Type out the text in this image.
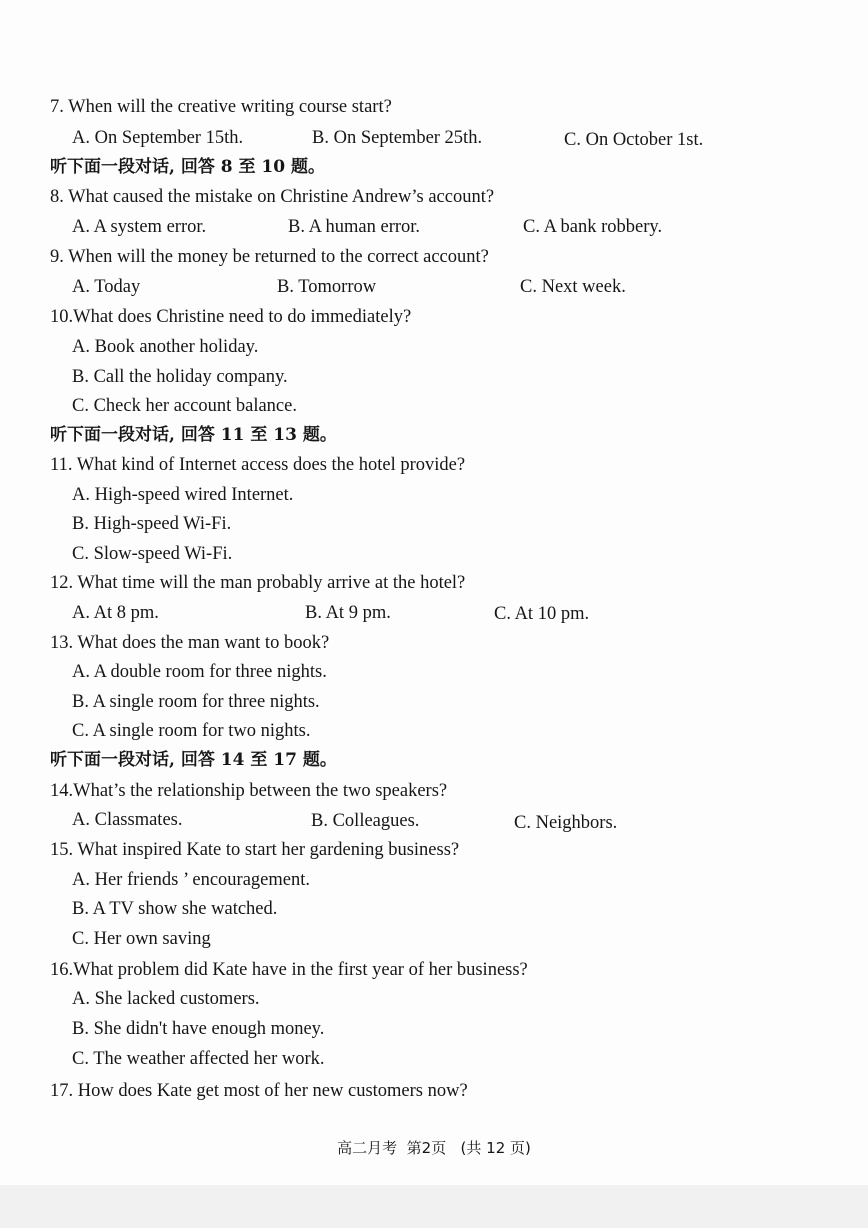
7. When will the creative writing course start?
A. On September 15th.	B. On September 25th.	C. On October 1st.
听下面一段对话, 回答 8 至 10 题。
8. What caused the mistake on Christine Andrew’s account?
A. A system error.	B. A human error.	C. A bank robbery.
9. When will the money be returned to the correct account?
A. Today	B. Tomorrow	C. Next week.
10.What does Christine need to do immediately?
A. Book another holiday.
B. Call the holiday company.
C. Check her account balance.
听下面一段对话, 回答 11 至 13 题。
11. What kind of Internet access does the hotel provide?
A. High-speed wired Internet.
B. High-speed Wi-Fi.
C. Slow-speed Wi-Fi.
12. What time will the man probably arrive at the hotel?
A. At 8 pm.	B. At 9 pm.	C. At 10 pm.
13. What does the man want to book?
A. A double room for three nights.
B. A single room for three nights.
C. A single room for two nights.
听下面一段对话, 回答 14 至 17 题。
14.What’s the relationship between the two speakers?
A. Classmates.	B. Colleagues.	C. Neighbors.
15. What inspired Kate to start her gardening business?
A. Her friends ’ encouragement.
B. A TV show she watched.
C. Her own saving
16.What problem did Kate have in the first year of her business?
A. She lacked customers.
B. She didn't have enough money.
C. The weather affected her work.
17. How does Kate get most of her new customers now?
高二月考  第2页   (共 12 页)
